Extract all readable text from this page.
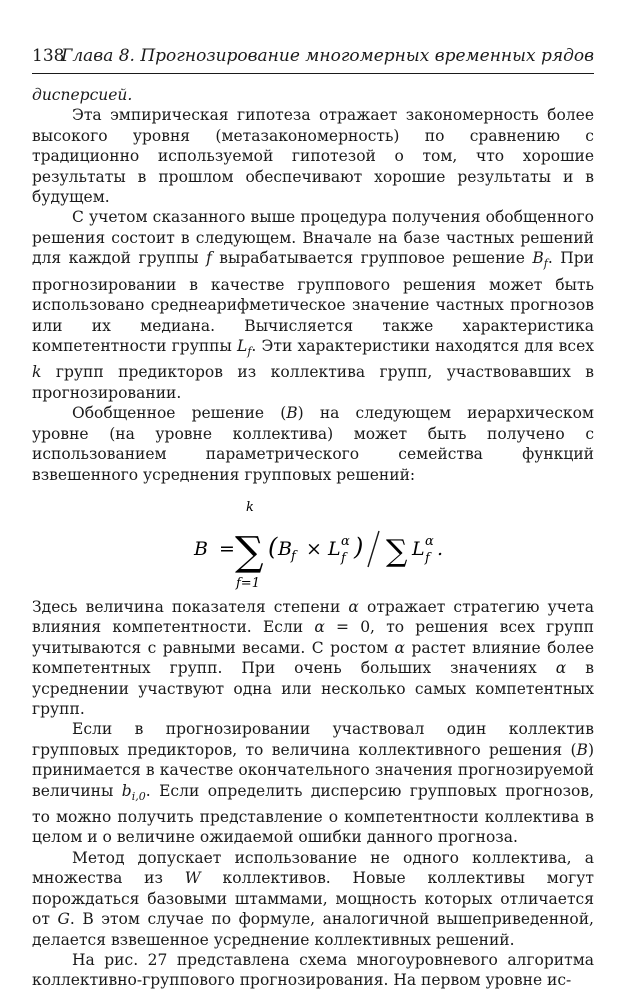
138
Глава 8. Прогнозирование многомерных временных рядов

дисперсией.

Эта эмпирическая гипотеза отражает закономерность более высокого уровня (метазакономерность) по сравнению с традиционно используемой гипотезой о том, что хорошие результаты в прошлом обеспечивают хорошие результаты и в будущем.

С учетом сказанного выше процедура получения обобщенного решения состоит в следующем. Вначале на базе частных решений для каждой группы f вырабатывается групповое решение $B_f$. При прогнозировании в качестве группового решения может быть использовано среднеарифметическое значение частных прогнозов или их медиана. Вычисляется также характеристика компетентности группы $L_f$. Эти характеристики находятся для всех k групп предикторов из коллектива групп, участвовавших в прогнозировании.

Обобщенное решение (B) на следующем иерархическом уровне (на уровне коллектива) может быть получено с использованием параметрического семейства функций взвешенного усреднения групповых решений:

B =
k
∑
f=1
( B f × L α
f ) ∑ L α
f .

Здесь величина показателя степени α отражает стратегию учета влияния компетентности. Если α = 0, то решения всех групп учитываются с равными весами. С ростом α растет влияние более компетентных групп. При очень больших значениях α в усреднении участвуют одна или несколько самых компетентных групп.

Если в прогнозировании участвовал один коллектив групповых предикторов, то величина коллективного решения (B) принимается в качестве окончательного значения прогнозируемой величины $b_{i,0}$. Если определить дисперсию групповых прогнозов, то можно получить представление о компетентности коллектива в целом и о величине ожидаемой ошибки данного прогноза.

Метод допускает использование не одного коллектива, а множества из W коллективов. Новые коллективы могут порождаться базовыми штаммами, мощность которых отличается от G. В этом случае по формуле, аналогичной вышеприведенной, делается взвешенное усреднение коллективных решений.

На рис. 27 представлена схема многоуровневого алгоритма коллективно-группового прогнозирования. На первом уровне ис-
